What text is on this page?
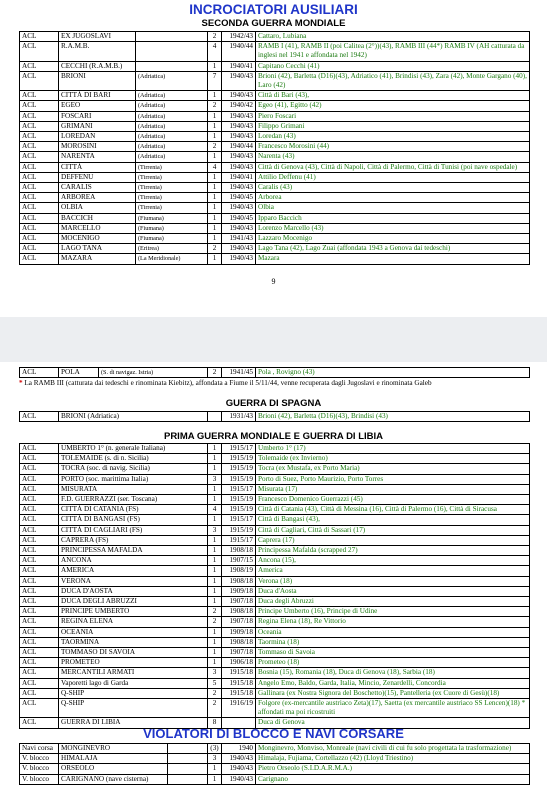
INCROCIATORI AUSILIARI
SECONDA GUERRA MONDIALE
ACL	EX JUGOSLAVI		2	1942/43	Cattaro, Lubiana
ACL	R.A.M.B.		4	1940/44	RAMB I (41), RAMB II (poi Calitea (2°))(43), RAMB III (44*) RAMB IV (AH catturata da inglesi nel 1941 e affondata nel 1942)
ACL	CECCHI (R.A.M.B.)		1	1940/41	Capitano Cecchi (41)
ACL	BRIONI	(Adriatica)	7	1940/43	Brioni (42), Barletta (D16)(43), Adriatico (41), Brindisi (43), Zara (42), Monte Gargano (40), Laro (42)
ACL	CITTÀ DI BARI	(Adriatica)	1	1940/43	Città di Bari (43),
ACL	EGEO	(Adriatica)	2	1940/42	Egeo (41), Egitto (42)
ACL	FOSCARI	(Adriatica)	1	1940/43	Piero Foscari
ACL	GRIMANI	(Adriatica)	1	1940/43	Filippo Grimani
ACL	LOREDAN	(Adriatica)	1	1940/43	Loredan (43)
ACL	MOROSINI	(Adriatica)	2	1940/44	Francesco Morosini (44)
ACL	NARENTA	(Adriatica)	1	1940/43	Narenta (43)
ACL	CITTÀ	(Tirrenia)	4	1940/43	Città di Genova (43), Città di Napoli, Città di Palermo, Città di Tunisi (poi nave ospedale)
ACL	DEFFENU	(Tirrenia)	1	1940/41	Attilio Deffenu (41)
ACL	CARALIS	(Tirrenia)	1	1940/43	Caralis (43)
ACL	ARBOREA	(Tirrenia)	1	1940/45	Arborea
ACL	OLBIA	(Tirrenia)	1	1940/43	Olbia
ACL	BACCICH	(Fiumana)	1	1940/45	Ipparo Baccich
ACL	MARCELLO	(Fiumana)	1	1940/43	Lorenzo Marcello (43)
ACL	MOCENIGO	(Fiumana)	1	1941/43	Lazzaro Mocenigo
ACL	LAGO TANA	(Eritrea)	2	1940/43	Lago Tana (42), Lago Zuai (affondata 1943 a Genova dai tedeschi)
ACL	MAZARA	(La Meridionale)	1	1940/43	Mazara
9
ACL	POLA	(S. di navigaz. Istria)	2	1941/45	Pola , Rovigno (43)
* La RAMB III (catturata dai tedeschi e rinominata Kiebitz), affondata a Fiume il 5/11/44, venne recuperata dagli Jugoslavi e rinominata Galeb
GUERRA DI SPAGNA
ACL	BRIONI (Adriatica)		1931/43	Brioni (42), Barletta (D16)(43), Brindisi (43)
PRIMA GUERRA MONDIALE E GUERRA DI LIBIA
ACL	UMBERTO 1° (n. generale Italiana)	1	1915/17	Umberto 1° (17)
ACL	TOLEMAIDE (s. di n. Sicilia)	1	1915/19	Tolemaide (ex Invierno)
ACL	TOCRA (soc. di navig. Sicilia)	1	1915/19	Tocra (ex Mustafa, ex Porto Maria)
ACL	PORTO (soc. marittima Italia)	3	1915/19	Porto di Suez, Porto Maurizio, Porto Torres
ACL	MISURATA	1	1915/17	Misurata (17)
ACL	F.D. GUERRAZZI (ser. Toscana)	1	1915/19	Francesco Domenico Guerrazzi (45)
ACL	CITTÀ DI CATANIA (FS)	4	1915/19	Città di Catania (43), Città di Messina (16), Città di Palermo (16), Città di Siracusa
ACL	CITTÀ DI BANGASI (FS)	1	1915/17	Città di Bangasi (43),
ACL	CITTÀ DI CAGLIARI (FS)	3	1915/19	Città di Cagliari, Città di Sassari (17)
ACL	CAPRERA (FS)	1	1915/17	Caprera (17)
ACL	PRINCIPESSA MAFALDA	1	1908/18	Principessa Mafalda (scrapped 27)
ACL	ANCONA	1	1907/15	Ancona (15),
ACL	AMERICA	1	1908/19	America
ACL	VERONA	1	1908/18	Verona (18)
ACL	DUCA D'AOSTA	1	1909/18	Duca d'Aosta
ACL	DUCA DEGLI ABRUZZI	1	1907/18	Duca degli Abruzzi
ACL	PRINCIPE UMBERTO	2	1908/18	Principe Umberto (16), Principe di Udine
ACL	REGINA ELENA	2	1907/18	Regina Elena (18), Re Vittorio
ACL	OCEANIA	1	1909/18	Oceania
ACL	TAORMINA	1	1908/18	Taormina (18)
ACL	TOMMASO DI SAVOIA	1	1907/18	Tommaso di Savoia
ACL	PROMETEO	1	1906/18	Prometeo (18)
ACL	MERCANTILI ARMATI	3	1915/18	Bosnia (15), Romania (18), Duca di Genova (18), Sarbia (18)
ACL	Vaporetti lago di Garda	5	1915/18	Angelo Emo, Baldo, Garda, Italia, Mincio, Zenardelli, Concordia
ACL	Q-SHIP	2	1915/18	Gallinara (ex Nostra Signora del Boschetto)(15), Pantelleria (ex Cuore di Gesù)(18)
ACL	Q-SHIP	2	1916/19	Folgore (ex-mercantile austriaco Zeta)(17), Saetta (ex mercantile austriaco SS Lencen)(18) * affondati ma poi ricostruiti
ACL	GUERRA DI LIBIA	8		Duca di Genova
VIOLATORI DI BLOCCO E NAVI CORSARE
Navi corsa	MONGINEVRO		(3)	1940	Monginevro, Monviso, Monreale (navi civili di cui fu solo progettata la trasformazione)
V. blocco	HIMALAJA		3	1940/43	Himalaja, Fujiama, Cortellazzo (42) (Lloyd Triestino)
V. blocco	ORSEOLO		1	1940/43	Pietro Orseolo (S.I.D.A.R.M.A.)
V. blocco	CARIGNANO (nave cisterna)		1	1940/43	Carignano
